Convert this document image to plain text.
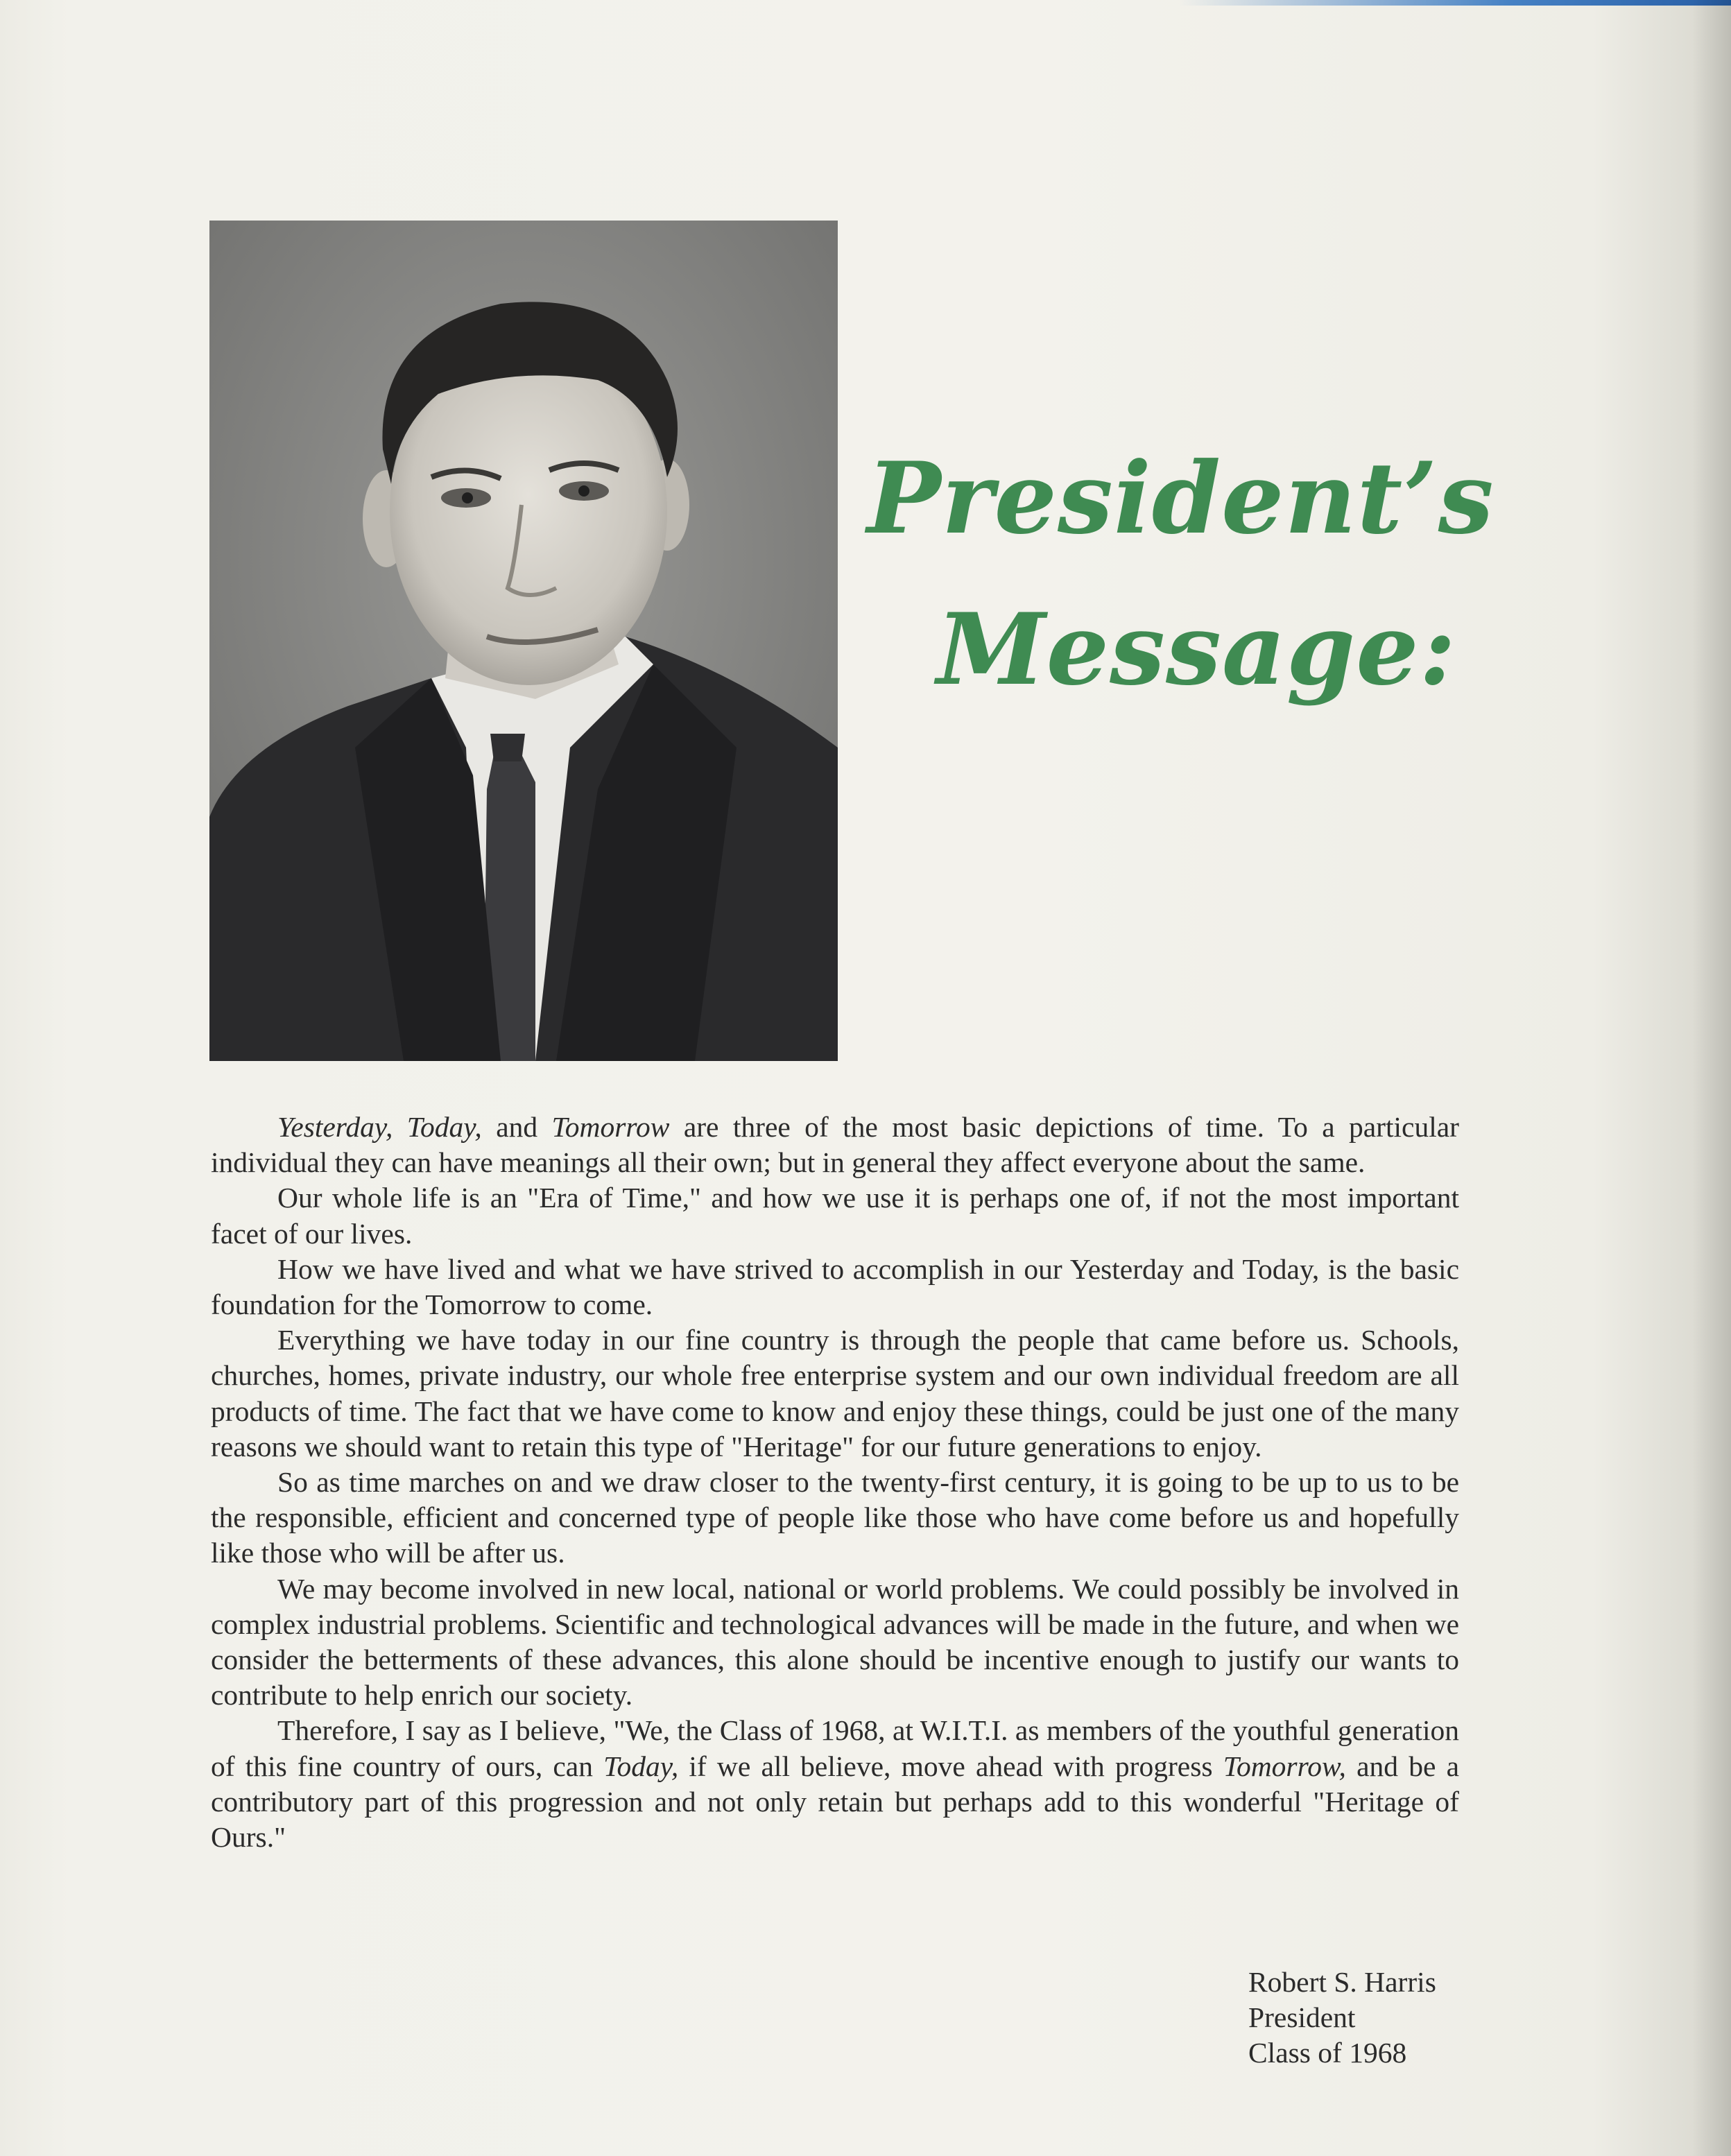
President’s
Message:

Yesterday, Today, and Tomorrow are three of the most basic depictions of time. To a particular individual they can have meanings all their own; but in general they affect everyone about the same.

Our whole life is an "Era of Time," and how we use it is perhaps one of, if not the most important facet of our lives.

How we have lived and what we have strived to accomplish in our Yesterday and Today, is the basic foundation for the Tomorrow to come.

Everything we have today in our fine country is through the people that came before us. Schools, churches, homes, private industry, our whole free enterprise system and our own individual freedom are all products of time. The fact that we have come to know and enjoy these things, could be just one of the many reasons we should want to retain this type of "Heritage" for our future generations to enjoy.

So as time marches on and we draw closer to the twenty-first century, it is going to be up to us to be the responsible, efficient and concerned type of people like those who have come before us and hopefully like those who will be after us.

We may become involved in new local, national or world problems. We could possibly be involved in complex industrial problems. Scientific and technological advances will be made in the future, and when we consider the betterments of these advances, this alone should be incentive enough to justify our wants to contribute to help enrich our society.

Therefore, I say as I believe, "We, the Class of 1968, at W.I.T.I. as members of the youthful generation of this fine country of ours, can Today, if we all believe, move ahead with progress Tomorrow, and be a contributory part of this progression and not only retain but perhaps add to this wonderful "Heritage of Ours."

Robert S. Harris
President
Class of 1968
